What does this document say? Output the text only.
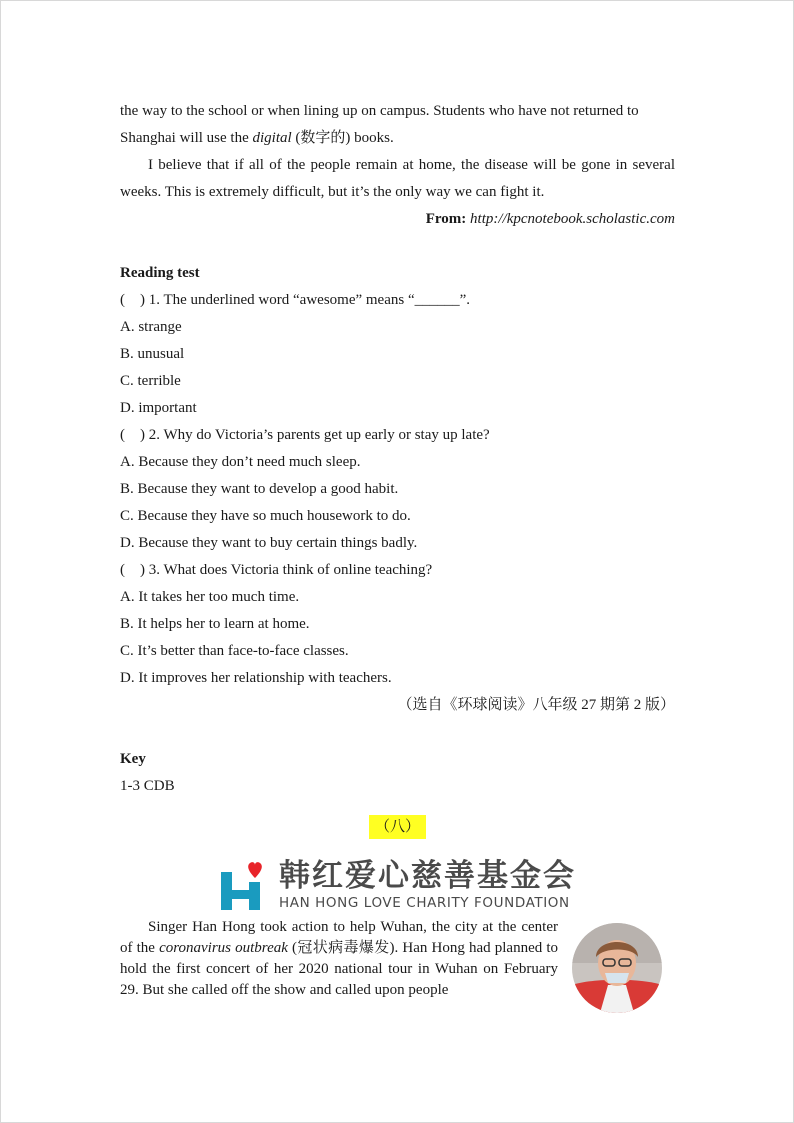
the way to the school or when lining up on campus. Students who have not returned to

Shanghai will use the digital (数字的) books.

I believe that if all of the people remain at home, the disease will be gone in several weeks. This is extremely difficult, but it’s the only way we can fight it.

From: http://kpcnotebook.scholastic.com

Reading test

(　) 1. The underlined word “awesome” means “______”.

A. strange

B. unusual

C. terrible

D. important

(　) 2. Why do Victoria’s parents get up early or stay up late?

A. Because they don’t need much sleep.

B. Because they want to develop a good habit.

C. Because they have so much housework to do.

D. Because they want to buy certain things badly.

(　) 3. What does Victoria think of online teaching?

A. It takes her too much time.

B. It helps her to learn at home.

C. It’s better than face-to-face classes.

D. It improves her relationship with teachers.

（选自《环球阅读》八年级 27 期第 2 版）

Key

1-3 CDB

（八）
韩红爱心慈善基金会
HAN HONG LOVE CHARITY FOUNDATION

Singer Han Hong took action to help Wuhan, the city at the center of the coronavirus outbreak (冠状病毒爆发). Han Hong had planned to hold the first concert of her 2020 national tour in Wuhan on February 29. But she called off the show and called upon people
